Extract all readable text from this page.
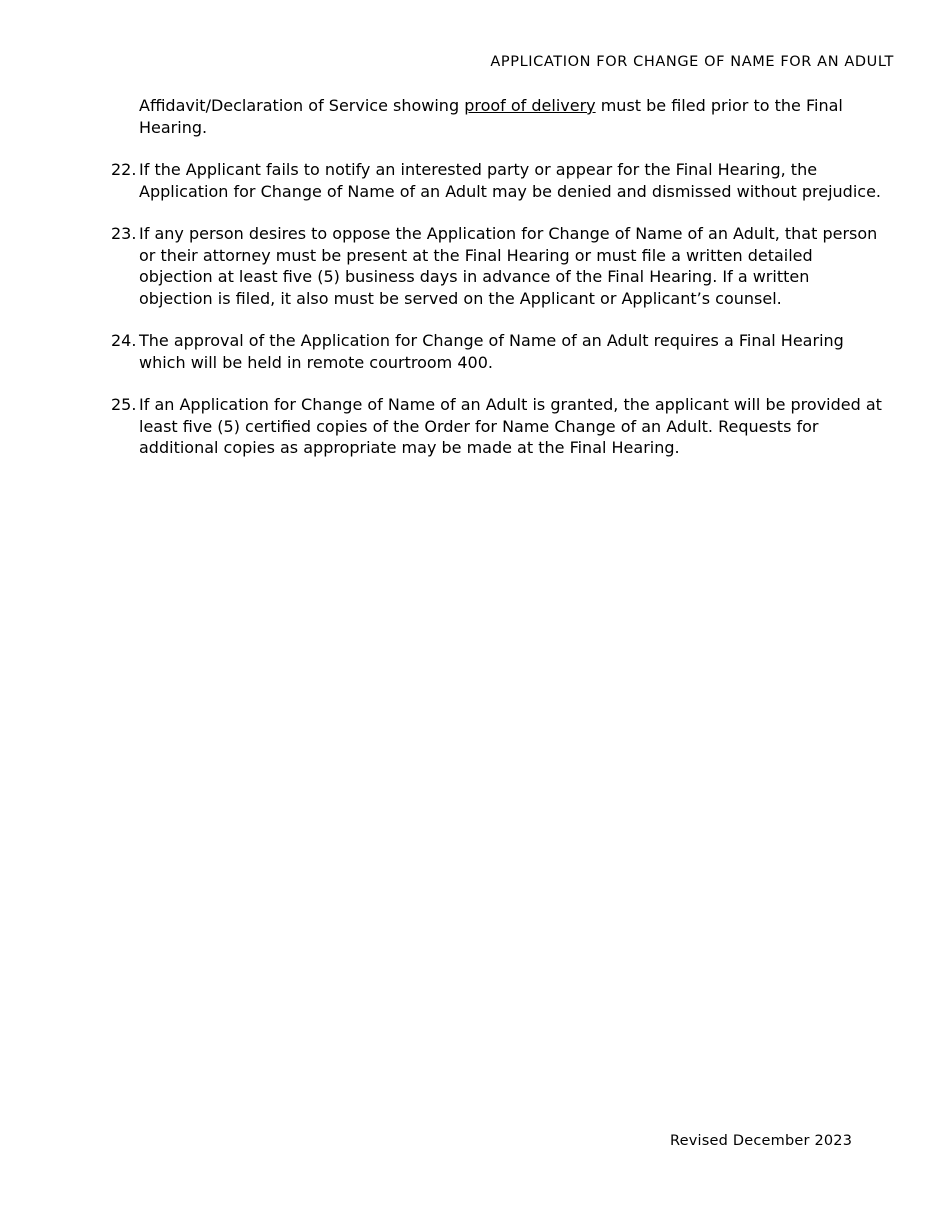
APPLICATION FOR CHANGE OF NAME FOR AN ADULT

Affidavit/Declaration of Service showing proof of delivery must be filed prior to the Final Hearing.

22. If the Applicant fails to notify an interested party or appear for the Final Hearing, the Application for Change of Name of an Adult may be denied and dismissed without prejudice.
23. If any person desires to oppose the Application for Change of Name of an Adult, that person or their attorney must be present at the Final Hearing or must file a written detailed objection at least five (5) business days in advance of the Final Hearing. If a written objection is filed, it also must be served on the Applicant or Applicant’s counsel.
24. The approval of the Application for Change of Name of an Adult requires a Final Hearing which will be held in remote courtroom 400.
25. If an Application for Change of Name of an Adult is granted, the applicant will be provided at least five (5) certified copies of the Order for Name Change of an Adult. Requests for additional copies as appropriate may be made at the Final Hearing.
Revised December 2023
